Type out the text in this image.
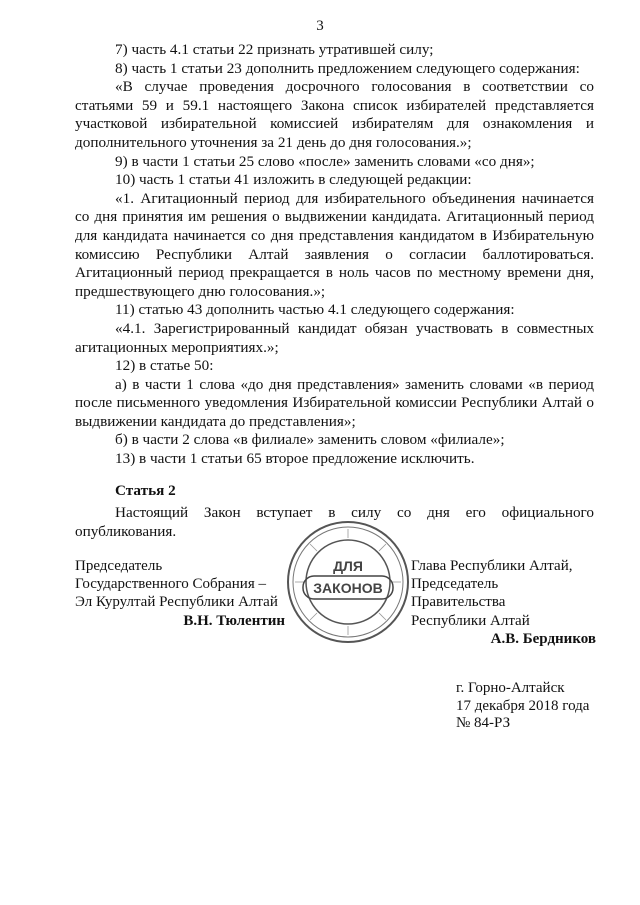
3

7) часть 4.1 статьи 22 признать утратившей силу;

8) часть 1 статьи 23 дополнить предложением следующего содержания:

«В случае проведения досрочного голосования в соответствии со статьями 59 и 59.1 настоящего Закона список избирателей представляется участковой избирательной комиссией избирателям для ознакомления и дополнительного уточнения за 21 день до дня голосования.»;

9) в части 1 статьи 25 слово «после» заменить словами «со дня»;

10) часть 1 статьи 41 изложить в следующей редакции:

«1. Агитационный период для избирательного объединения начинается со дня принятия им решения о выдвижении кандидата. Агитационный период для кандидата начинается со дня представления кандидатом в Избирательную комиссию Республики Алтай заявления о согласии баллотироваться. Агитационный период прекращается в ноль часов по местному времени дня, предшествующего дню голосования.»;

11) статью 43 дополнить частью 4.1 следующего содержания:

«4.1. Зарегистрированный кандидат обязан участвовать в совместных агитационных мероприятиях.»;

12) в статье 50:

а) в части 1 слова «до дня представления» заменить словами «в период после письменного уведомления Избирательной комиссии Республики Алтай о выдвижении кандидата до представления»;

б) в части 2 слова «в филиале» заменить словом «филиале»;

13) в части 1 статьи 65 второе предложение исключить.

Статья 2

Настоящий Закон вступает в силу со дня его официального опубликования.

Председатель
Государственного Собрания –
Эл Курултай Республики Алтай
В.Н. Тюлентин
ДЛЯ
ЗАКОНОВ
Глава Республики Алтай,
Председатель Правительства
Республики Алтай
А.В. Бердников
г. Горно-Алтайск
17 декабря 2018 года
№ 84-РЗ
